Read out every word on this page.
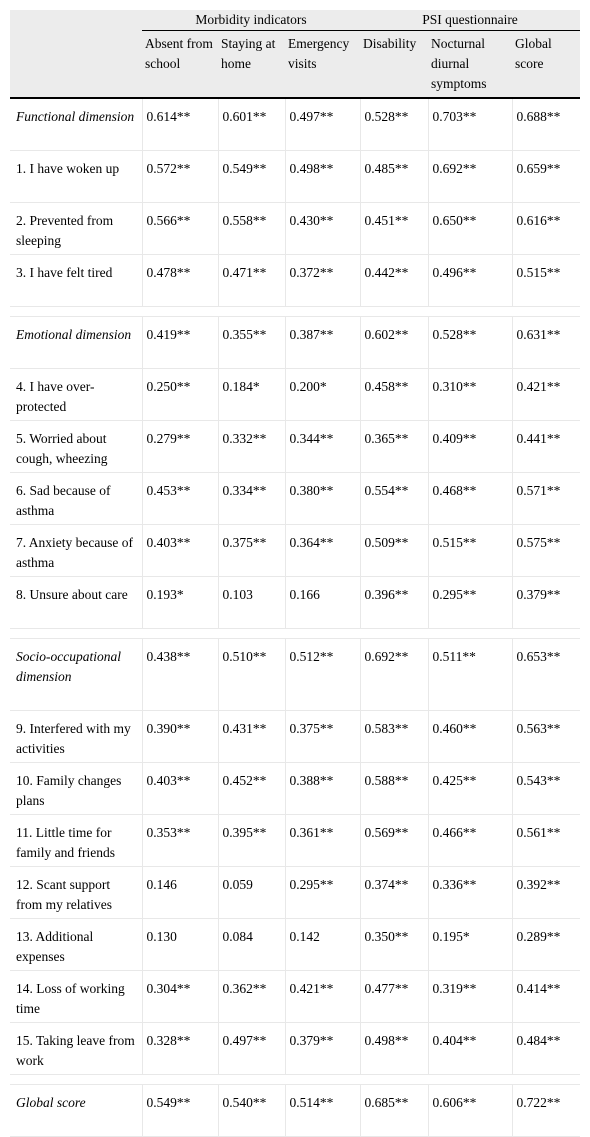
	Morbidity indicators			PSI questionnaire		
	Absent from school	Staying at home	Emergency visits	Disability	Nocturnal diurnal symptoms	Global score

Functional dimension	0.614**	0.601**	0.497**	0.528**	0.703**	0.688**
1. I have woken up	0.572**	0.549**	0.498**	0.485**	0.692**	0.659**
2. Prevented from sleeping	0.566**	0.558**	0.430**	0.451**	0.650**	0.616**
3. I have felt tired	0.478**	0.471**	0.372**	0.442**	0.496**	0.515**

Emotional dimension	0.419**	0.355**	0.387**	0.602**	0.528**	0.631**
4. I have over-protected	0.250**	0.184*	0.200*	0.458**	0.310**	0.421**
5. Worried about cough, wheezing	0.279**	0.332**	0.344**	0.365**	0.409**	0.441**
6. Sad because of asthma	0.453**	0.334**	0.380**	0.554**	0.468**	0.571**
7. Anxiety because of asthma	0.403**	0.375**	0.364**	0.509**	0.515**	0.575**
8. Unsure about care	0.193*	0.103	0.166	0.396**	0.295**	0.379**

Socio-occupational dimension	0.438**	0.510**	0.512**	0.692**	0.511**	0.653**
9. Interfered with my activities	0.390**	0.431**	0.375**	0.583**	0.460**	0.563**
10. Family changes plans	0.403**	0.452**	0.388**	0.588**	0.425**	0.543**
11. Little time for family and friends	0.353**	0.395**	0.361**	0.569**	0.466**	0.561**
12. Scant support from my relatives	0.146	0.059	0.295**	0.374**	0.336**	0.392**
13. Additional expenses	0.130	0.084	0.142	0.350**	0.195*	0.289**
14. Loss of working time	0.304**	0.362**	0.421**	0.477**	0.319**	0.414**
15. Taking leave from work	0.328**	0.497**	0.379**	0.498**	0.404**	0.484**

Global score	0.549**	0.540**	0.514**	0.685**	0.606**	0.722**
